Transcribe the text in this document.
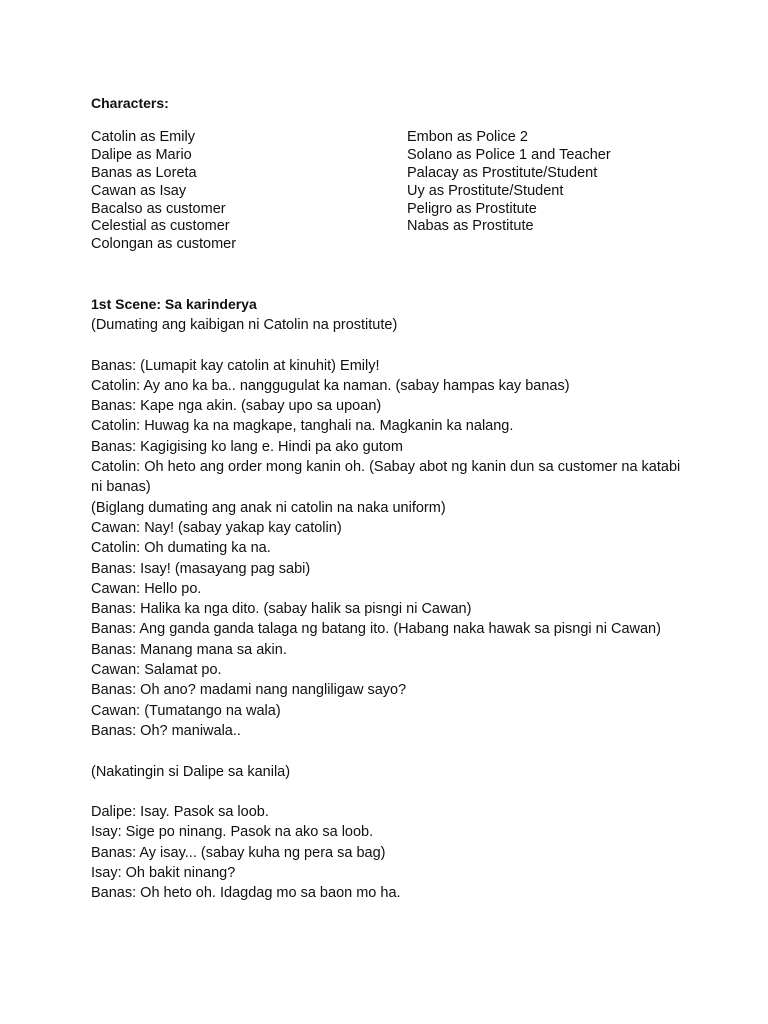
Characters:
Catolin as Emily
Dalipe as Mario
Banas as Loreta
Cawan as Isay
Bacalso as customer
Celestial as customer
Colongan as customer
Embon as Police 2
Solano as Police 1 and Teacher
Palacay as Prostitute/Student
Uy as Prostitute/Student
Peligro as Prostitute
Nabas as Prostitute
1st Scene: Sa karinderya
(Dumating ang kaibigan ni Catolin na prostitute)
Banas: (Lumapit kay catolin at kinuhit) Emily!
Catolin: Ay ano ka ba.. nanggugulat ka naman. (sabay hampas kay banas)
Banas: Kape nga akin. (sabay upo sa upoan)
Catolin: Huwag ka na magkape, tanghali na. Magkanin ka nalang.
Banas: Kagigising ko lang e. Hindi pa ako gutom
Catolin: Oh heto ang order mong kanin oh. (Sabay abot ng kanin dun sa customer na katabi ni banas)
(Biglang dumating ang anak ni catolin na naka uniform)
Cawan: Nay! (sabay yakap kay catolin)
Catolin: Oh dumating ka na.
Banas: Isay! (masayang pag sabi)
Cawan: Hello po.
Banas: Halika ka nga dito. (sabay halik sa pisngi ni Cawan)
Banas: Ang ganda ganda talaga ng batang ito. (Habang naka hawak sa pisngi ni Cawan)
Banas: Manang mana sa akin.
Cawan: Salamat po.
Banas: Oh ano? madami nang nangliligaw sayo?
Cawan: (Tumatango na wala)
Banas: Oh? maniwala..
(Nakatingin si Dalipe sa kanila)
Dalipe: Isay. Pasok sa loob.
Isay: Sige po ninang. Pasok na ako sa loob.
Banas: Ay isay... (sabay kuha ng pera sa bag)
Isay: Oh bakit ninang?
Banas: Oh heto oh. Idagdag mo sa baon mo ha.
